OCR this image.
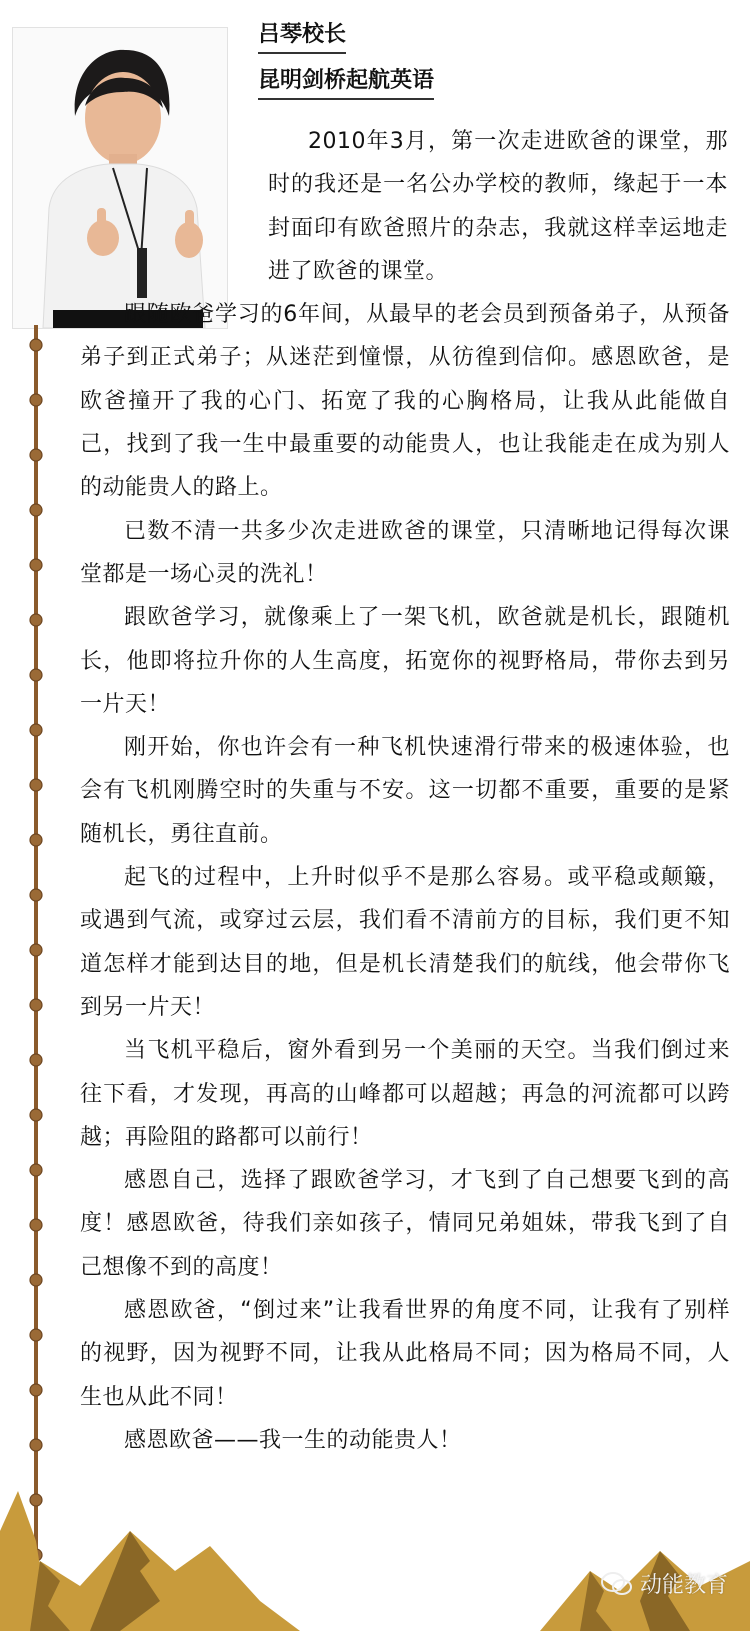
吕琴校长
昆明剑桥起航英语

2010年3月，第一次走进欧爸的课堂，那时的我还是一名公办学校的教师，缘起于一本封面印有欧爸照片的杂志，我就这样幸运地走进了欧爸的课堂。

跟随欧爸学习的6年间，从最早的老会员到预备弟子，从预备弟子到正式弟子；从迷茫到憧憬，从彷徨到信仰。感恩欧爸，是欧爸撞开了我的心门、拓宽了我的心胸格局，让我从此能做自己，找到了我一生中最重要的动能贵人，也让我能走在成为别人的动能贵人的路上。

已数不清一共多少次走进欧爸的课堂，只清晰地记得每次课堂都是一场心灵的洗礼！

跟欧爸学习，就像乘上了一架飞机，欧爸就是机长，跟随机长，他即将拉升你的人生高度，拓宽你的视野格局，带你去到另一片天！

刚开始，你也许会有一种飞机快速滑行带来的极速体验，也会有飞机刚腾空时的失重与不安。这一切都不重要，重要的是紧随机长，勇往直前。

起飞的过程中，上升时似乎不是那么容易。或平稳或颠簸，或遇到气流，或穿过云层，我们看不清前方的目标，我们更不知道怎样才能到达目的地，但是机长清楚我们的航线，他会带你飞到另一片天！

当飞机平稳后，窗外看到另一个美丽的天空。当我们倒过来往下看，才发现，再高的山峰都可以超越；再急的河流都可以跨越；再险阻的路都可以前行！

感恩自己，选择了跟欧爸学习，才飞到了自己想要飞到的高度！感恩欧爸，待我们亲如孩子，情同兄弟姐妹，带我飞到了自己想像不到的高度！

感恩欧爸，“倒过来”让我看世界的角度不同，让我有了别样的视野，因为视野不同，让我从此格局不同；因为格局不同，人生也从此不同！

感恩欧爸——我一生的动能贵人！

动能教育
